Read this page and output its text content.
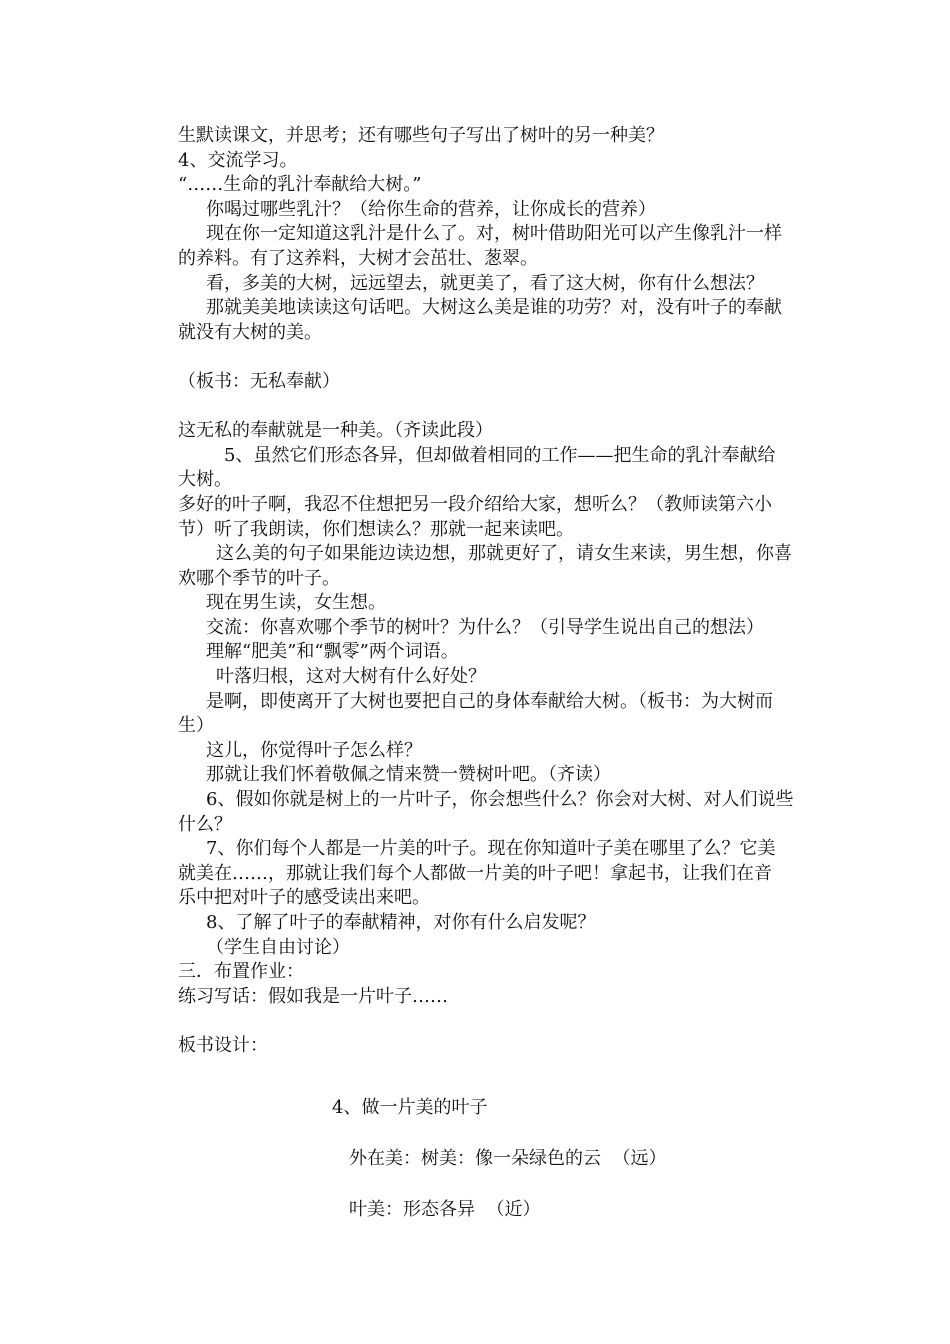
生默读课文，并思考；还有哪些句子写出了树叶的另一种美？
4、交流学习。
“……生命的乳汁奉献给大树。”
你喝过哪些乳汁？（给你生命的营养，让你成长的营养）
现在你一定知道这乳汁是什么了。对，树叶借助阳光可以产生像乳汁一样
的养料。有了这养料，大树才会茁壮、葱翠。
看，多美的大树，远远望去，就更美了，看了这大树，你有什么想法？
那就美美地读读这句话吧。大树这么美是谁的功劳？对，没有叶子的奉献
就没有大树的美。
（板书：无私奉献）
这无私的奉献就是一种美。（齐读此段）
5、虽然它们形态各异，但却做着相同的工作——把生命的乳汁奉献给
大树。
多好的叶子啊，我忍不住想把另一段介绍给大家，想听么？（教师读第六小
节）听了我朗读，你们想读么？那就一起来读吧。
这么美的句子如果能边读边想，那就更好了，请女生来读，男生想，你喜
欢哪个季节的叶子。
现在男生读，女生想。
交流：你喜欢哪个季节的树叶？为什么？（引导学生说出自己的想法）
理解“肥美”和“飘零”两个词语。
叶落归根，这对大树有什么好处？
是啊，即使离开了大树也要把自己的身体奉献给大树。（板书：为大树而
生）
这儿，你觉得叶子怎么样？
那就让我们怀着敬佩之情来赞一赞树叶吧。（齐读）
6、假如你就是树上的一片叶子，你会想些什么？你会对大树、对人们说些
什么？
7、你们每个人都是一片美的叶子。现在你知道叶子美在哪里了么？它美
就美在……，那就让我们每个人都做一片美的叶子吧！拿起书，让我们在音
乐中把对叶子的感受读出来吧。
8、了解了叶子的奉献精神，对你有什么启发呢？
（学生自由讨论）
三．布置作业：
练习写话：假如我是一片叶子……
板书设计：
4、做一片美的叶子
外在美：树美：像一朵绿色的云  （远）
叶美：形态各异  （近）
